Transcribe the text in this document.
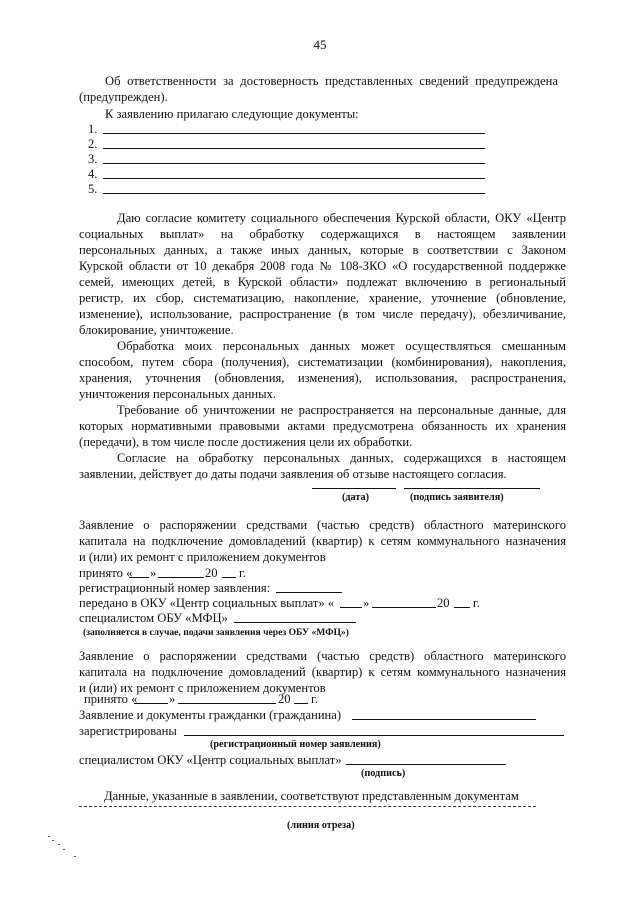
45
Об ответственности за достоверность представленных сведений предупреждена
(предупрежден).
К заявлению прилагаю следующие документы:
1.
2.
3.
4.
5.
Даю согласие комитету социального обеспечения Курской области, ОКУ «Центр
социальных выплат» на обработку содержащихся в настоящем заявлении
персональных данных, а также иных данных, которые в соответствии с Законом
Курской области от 10 декабря 2008 года № 108-ЗКО «О государственной поддержке
семей, имеющих детей, в Курской области» подлежат включению в региональный
регистр, их сбор, систематизацию, накопление, хранение, уточнение (обновление,
изменение), использование, распространение (в том числе передачу), обезличивание,
блокирование, уничтожение.
Обработка моих персональных данных может осуществляться смешанным
способом, путем сбора (получения), систематизации (комбинирования), накопления,
хранения, уточнения (обновления, изменения), использования, распространения,
уничтожения персональных данных.
Требование об уничтожении не распространяется на персональные данные, для
которых нормативными правовыми актами предусмотрена обязанность их хранения
(передачи), в том числе после достижения цели их обработки.
Согласие на обработку персональных данных, содержащихся в настоящем
заявлении, действует до даты подачи заявления об отзыве настоящего согласия.
(дата)	(подпись заявителя)
Заявление о распоряжении средствами (частью средств) областного материнского
капитала на подключение домовладений (квартир) к сетям коммунального назначения
и (или) их ремонт с приложением документов
принято « »	20 г.
регистрационный номер заявления:
передано в ОКУ «Центр социальных выплат» « »	20 г.
специалистом ОБУ «МФЦ»
(заполняется в случае, подачи заявления через ОБУ «МФЦ»)
Заявление о распоряжении средствами (частью средств) областного материнского
капитала на подключение домовладений (квартир) к сетям коммунального назначения
и (или) их ремонт с приложением документов
принято «	»	20 г.
Заявление и документы гражданки (гражданина)
зарегистрированы
(регистрационный номер заявления)
специалистом ОКУ «Центр социальных выплат»
(подпись)
Данные, указанные в заявлении, соответствуют представленным документам
(линия отреза)
